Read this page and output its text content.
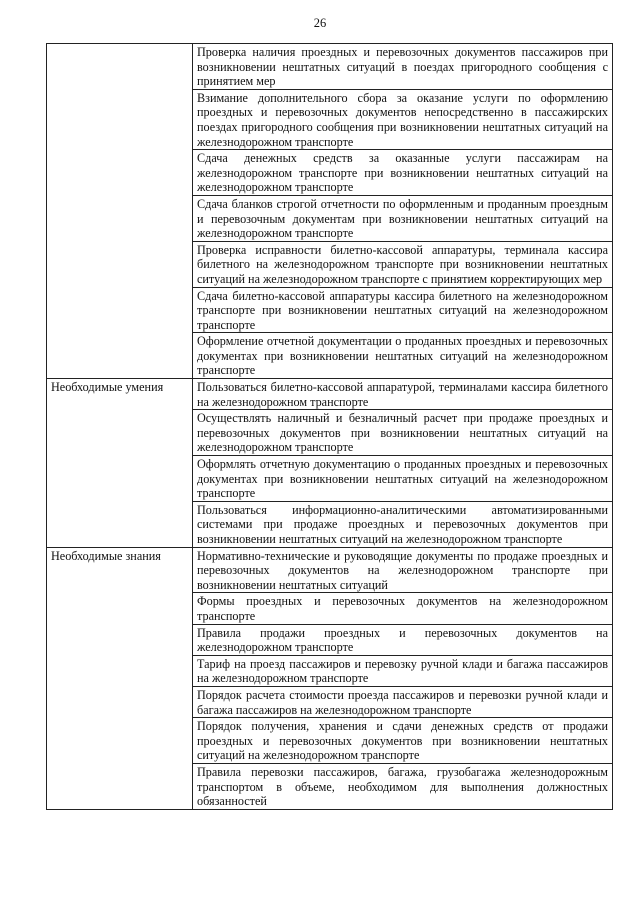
26
	Проверка наличия проездных и перевозочных документов пассажиров при возникновении нештатных ситуаций в поездах пригородного сообщения с принятием мер
	Взимание дополнительного сбора за оказание услуги по оформлению проездных и перевозочных документов непосредственно в пассажирских поездах пригородного сообщения при возникновении нештатных ситуаций на железнодорожном транспорте
	Сдача денежных средств за оказанные услуги пассажирам на железнодорожном транспорте при возникновении нештатных ситуаций на железнодорожном транспорте
	Сдача бланков строгой отчетности по оформленным и проданным проездным и перевозочным документам при возникновении нештатных ситуаций на железнодорожном транспорте
	Проверка исправности билетно-кассовой аппаратуры, терминала кассира билетного на железнодорожном транспорте при возникновении нештатных ситуаций на железнодорожном транспорте с принятием корректирующих мер
	Сдача билетно-кассовой аппаратуры кассира билетного на железнодорожном транспорте при возникновении нештатных ситуаций на железнодорожном транспорте
	Оформление отчетной документации о проданных проездных и перевозочных документах при возникновении нештатных ситуаций на железнодорожном транспорте
Необходимые умения	Пользоваться билетно-кассовой аппаратурой, терминалами кассира билетного на железнодорожном транспорте
	Осуществлять наличный и безналичный расчет при продаже проездных и перевозочных документов при возникновении нештатных ситуаций на железнодорожном транспорте
	Оформлять отчетную документацию о проданных проездных и перевозочных документах при возникновении нештатных ситуаций на железнодорожном транспорте
	Пользоваться информационно-аналитическими автоматизированными системами при продаже проездных и перевозочных документов при возникновении нештатных ситуаций на железнодорожном транспорте
Необходимые знания	Нормативно-технические и руководящие документы по продаже проездных и перевозочных документов на железнодорожном транспорте при возникновении нештатных ситуаций
	Формы проездных и перевозочных документов на железнодорожном транспорте
	Правила продажи проездных и перевозочных документов на железнодорожном транспорте
	Тариф на проезд пассажиров и перевозку ручной клади и багажа пассажиров на железнодорожном транспорте
	Порядок расчета стоимости проезда пассажиров и перевозки ручной клади и багажа пассажиров на железнодорожном транспорте
	Порядок получения, хранения и сдачи денежных средств от продажи проездных и перевозочных документов при возникновении нештатных ситуаций на железнодорожном транспорте
	Правила перевозки пассажиров, багажа, грузобагажа железнодорожным транспортом в объеме, необходимом для выполнения должностных обязанностей
